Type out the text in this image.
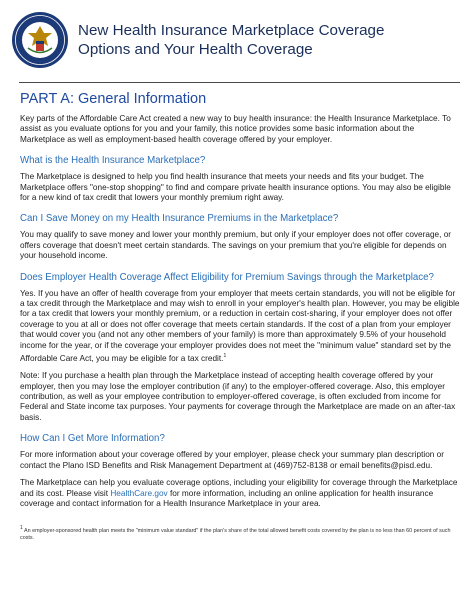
New Health Insurance Marketplace Coverage
Options and Your Health Coverage
PART A: General Information

Key parts of the Affordable Care Act created a new way to buy health insurance: the Health Insurance Marketplace. To assist as you evaluate options for you and your family, this notice provides some basic information about the Marketplace as well as employment-based health coverage offered by your employer.

What is the Health Insurance Marketplace?

The Marketplace is designed to help you find health insurance that meets your needs and fits your budget. The Marketplace offers "one-stop shopping" to find and compare private health insurance options. You may also be eligible for a new kind of tax credit that lowers your monthly premium right away.

Can I Save Money on my Health Insurance Premiums in the Marketplace?

You may qualify to save money and lower your monthly premium, but only if your employer does not offer coverage, or offers coverage that doesn't meet certain standards. The savings on your premium that you're eligible for depends on your household income.

Does Employer Health Coverage Affect Eligibility for Premium Savings through the Marketplace?

Yes. If you have an offer of health coverage from your employer that meets certain standards, you will not be eligible for a tax credit through the Marketplace and may wish to enroll in your employer's health plan. However, you may be eligible for a tax credit that lowers your monthly premium, or a reduction in certain cost-sharing, if your employer does not offer coverage to you at all or does not offer coverage that meets certain standards. If the cost of a plan from your employer that would cover you (and not any other members of your family) is more than approximately 9.5% of your household income for the year, or if the coverage your employer provides does not meet the "minimum value" standard set by the Affordable Care Act, you may be eligible for a tax credit.$^1$

Note: If you purchase a health plan through the Marketplace instead of accepting health coverage offered by your employer, then you may lose the employer contribution (if any) to the employer-offered coverage. Also, this employer contribution, as well as your employee contribution to employer-offered coverage, is often excluded from income for Federal and State income tax purposes. Your payments for coverage through the Marketplace are made on an after-tax basis.

How Can I Get More Information?

For more information about your coverage offered by your employer, please check your summary plan description or contact the Plano ISD Benefits and Risk Management Department at (469)752-8138 or email benefits@pisd.edu.

The Marketplace can help you evaluate coverage options, including your eligibility for coverage through the Marketplace and its cost. Please visit HealthCare.gov for more information, including an online application for health insurance coverage and contact information for a Health Insurance Marketplace in your area.

$^1$ An employer-sponsored health plan meets the "minimum value standard" if the plan's share of the total allowed benefit costs covered by the plan is no less than 60 percent of such costs.
